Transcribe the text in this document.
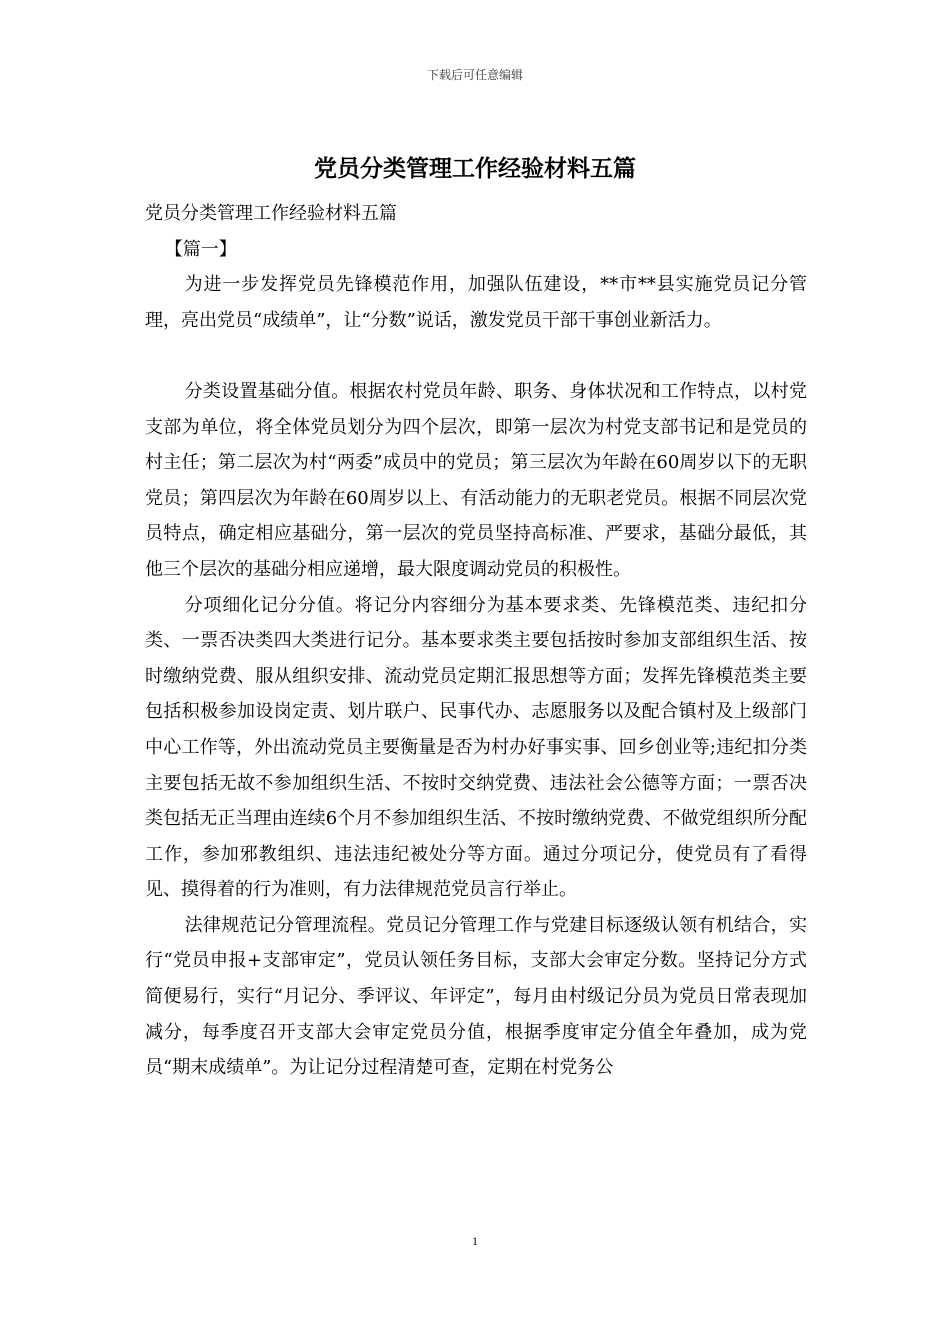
下载后可任意编辑
党员分类管理工作经验材料五篇

党员分类管理工作经验材料五篇

【篇一】

为进一步发挥党员先锋模范作用，加强队伍建设，**市**县实施党员记分管理，亮出党员“成绩单”，让“分数”说话，激发党员干部干事创业新活力。

分类设置基础分值。根据农村党员年龄、职务、身体状况和工作特点，以村党支部为单位，将全体党员划分为四个层次，即第一层次为村党支部书记和是党员的村主任；第二层次为村“两委”成员中的党员；第三层次为年龄在60周岁以下的无职党员；第四层次为年龄在60周岁以上、有活动能力的无职老党员。根据不同层次党员特点，确定相应基础分，第一层次的党员坚持高标准、严要求，基础分最低，其他三个层次的基础分相应递增，最大限度调动党员的积极性。

分项细化记分分值。将记分内容细分为基本要求类、先锋模范类、违纪扣分类、一票否决类四大类进行记分。基本要求类主要包括按时参加支部组织生活、按时缴纳党费、服从组织安排、流动党员定期汇报思想等方面；发挥先锋模范类主要包括积极参加设岗定责、划片联户、民事代办、志愿服务以及配合镇村及上级部门中心工作等，外出流动党员主要衡量是否为村办好事实事、回乡创业等;违纪扣分类主要包括无故不参加组织生活、不按时交纳党费、违法社会公德等方面；一票否决类包括无正当理由连续6个月不参加组织生活、不按时缴纳党费、不做党组织所分配工作，参加邪教组织、违法违纪被处分等方面。通过分项记分，使党员有了看得见、摸得着的行为准则，有力法律规范党员言行举止。

法律规范记分管理流程。党员记分管理工作与党建目标逐级认领有机结合，实行“党员申报+支部审定”，党员认领任务目标，支部大会审定分数。坚持记分方式简便易行，实行“月记分、季评议、年评定”，每月由村级记分员为党员日常表现加减分，每季度召开支部大会审定党员分值，根据季度审定分值全年叠加，成为党员“期末成绩单”。为让记分过程清楚可查，定期在村党务公

1
